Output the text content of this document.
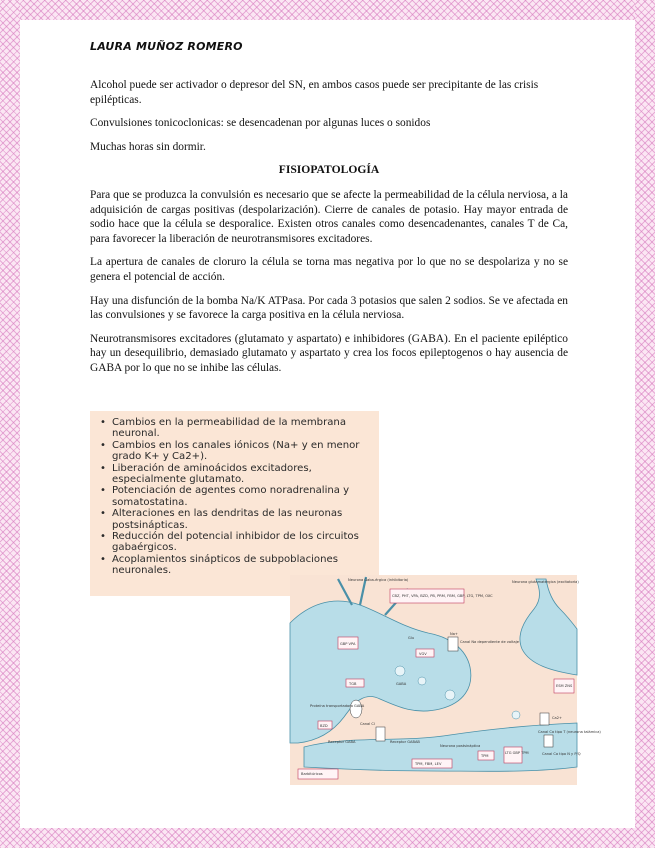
LAURA MUÑOZ ROMERO

Alcohol puede ser activador o depresor del SN, en ambos casos puede ser precipitante de las crisis epilépticas.

Convulsiones tonicoclonicas: se desencadenan por algunas luces o sonidos

Muchas horas sin dormir.

FISIOPATOLOGÍA

Para que se produzca la convulsión es necesario que se afecte la permeabilidad de la célula nerviosa, a la adquisición de cargas positivas (despolarización). Cierre de canales de potasio. Hay mayor entrada de sodio hace que la célula se desporalice. Existen otros canales como desencadenantes, canales T de Ca, para favorecer la liberación de neurotransmisores excitadores.

La apertura de canales de cloruro la célula se torna mas negativa por lo que no se despolariza y no se genera el potencial de acción.

Hay una disfunción de la bomba Na/K ATPasa. Por cada 3 potasios que salen 2 sodios. Se ve afectada en las convulsiones y se favorece la carga positiva en la célula nerviosa.

Neurotransmisores excitadores (glutamato y aspartato) e inhibidores (GABA). En el paciente epiléptico hay un desequilibrio, demasiado glutamato y aspartato y crea los focos epileptogenos o hay ausencia de GABA por lo que no se inhibe las células.

• Cambios en la permeabilidad de la membrana neuronal.
• Cambios en los canales iónicos (Na+ y en menor grado K+ y Ca2+).
• Liberación de aminoácidos excitadores, especialmente glutamato.
• Potenciación de agentes como noradrenalina y somatostatina.
• Alteraciones en las dendritas de las neuronas postsinápticas.
• Reducción del potencial inhibidor de los circuitos gabaérgicos.
• Acoplamientos sinápticos de subpoblaciones neuronales.
Neurona Gaba-érgica (inhibitoria)	Neurona glutamatérgica (excitatoria)
Neurona postsináptica
CBZ, PHT, VPA, BZD, PB, PRM, FBM, GBP, LTG, TPM, OXC
Canal Na dependiente de voltaje
Na+
GBP VPA
TGB
VGV
ESM ZNS
GABA
Glu
Proteína transportadora GABA
BZD	Canal Cl
Receptor GABA	Receptor GABAB
Ca2+
Canal Ca tipo T (neurona talámica)
Canal Ca tipo N y P/Q
TPM, FBM, LEV
TPM
LTG GBP TPM
Barbitúricos
